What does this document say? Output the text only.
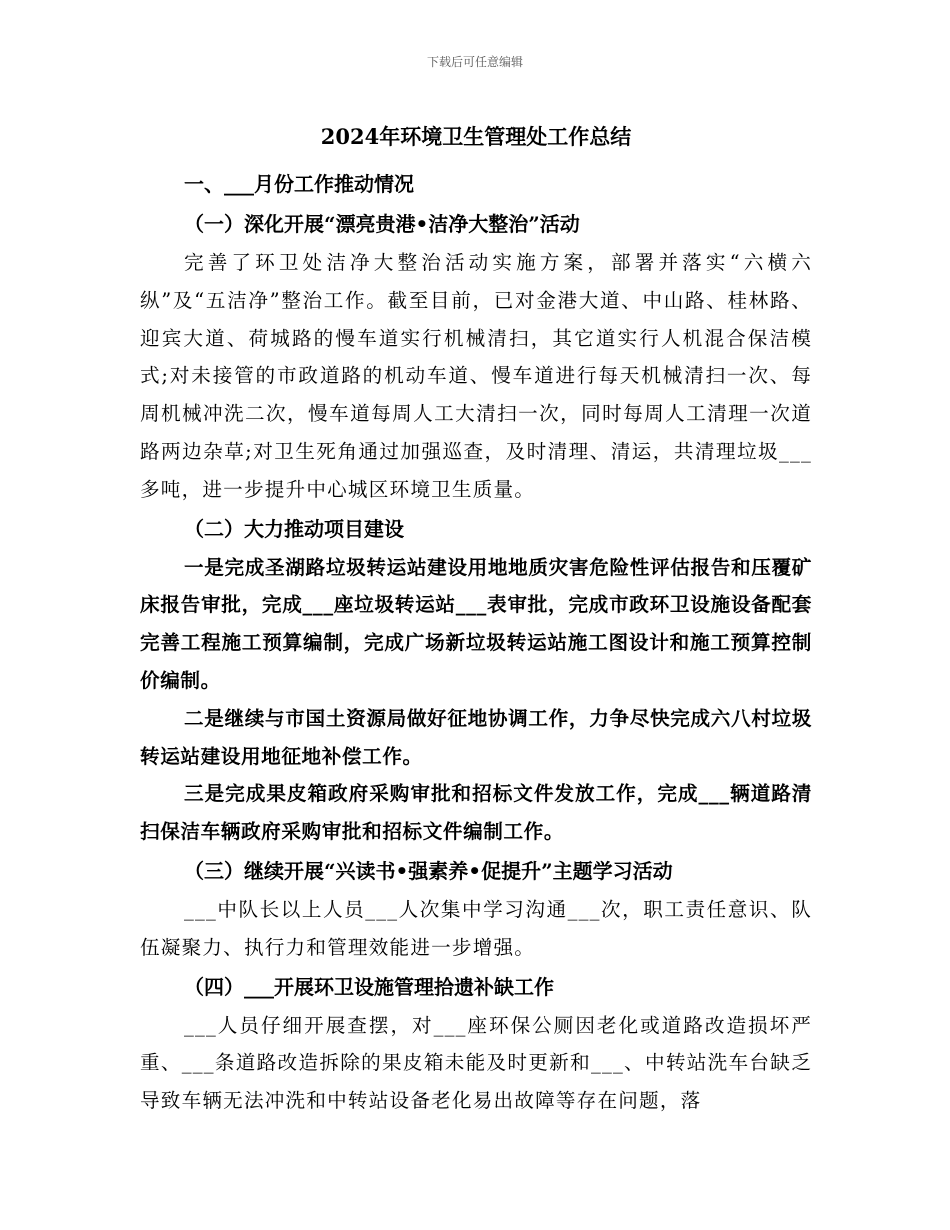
下载后可任意编辑
2024年环境卫生管理处工作总结

一、___月份工作推动情况

（一）深化开展“漂亮贵港•洁净大整治”活动

完善了环卫处洁净大整治活动实施方案，部署并落实“六横六纵”及“五洁净”整治工作。截至目前，已对金港大道、中山路、桂林路、迎宾大道、荷城路的慢车道实行机械清扫，其它道实行人机混合保洁模式;对未接管的市政道路的机动车道、慢车道进行每天机械清扫一次、每周机械冲洗二次，慢车道每周人工大清扫一次，同时每周人工清理一次道路两边杂草;对卫生死角通过加强巡查，及时清理、清运，共清理垃圾___多吨，进一步提升中心城区环境卫生质量。

（二）大力推动项目建设

一是完成圣湖路垃圾转运站建设用地地质灾害危险性评估报告和压覆矿床报告审批，完成___座垃圾转运站___表审批，完成市政环卫设施设备配套完善工程施工预算编制，完成广场新垃圾转运站施工图设计和施工预算控制价编制。

二是继续与市国土资源局做好征地协调工作，力争尽快完成六八村垃圾转运站建设用地征地补偿工作。

三是完成果皮箱政府采购审批和招标文件发放工作，完成___辆道路清扫保洁车辆政府采购审批和招标文件编制工作。

（三）继续开展“兴读书•强素养•促提升”主题学习活动

___中队长以上人员___人次集中学习沟通___次，职工责任意识、队伍凝聚力、执行力和管理效能进一步增强。

（四）___开展环卫设施管理拾遗补缺工作

___人员仔细开展查摆，对___座环保公厕因老化或道路改造损坏严重、___条道路改造拆除的果皮箱未能及时更新和___、中转站洗车台缺乏导致车辆无法冲洗和中转站设备老化易出故障等存在问题，落
